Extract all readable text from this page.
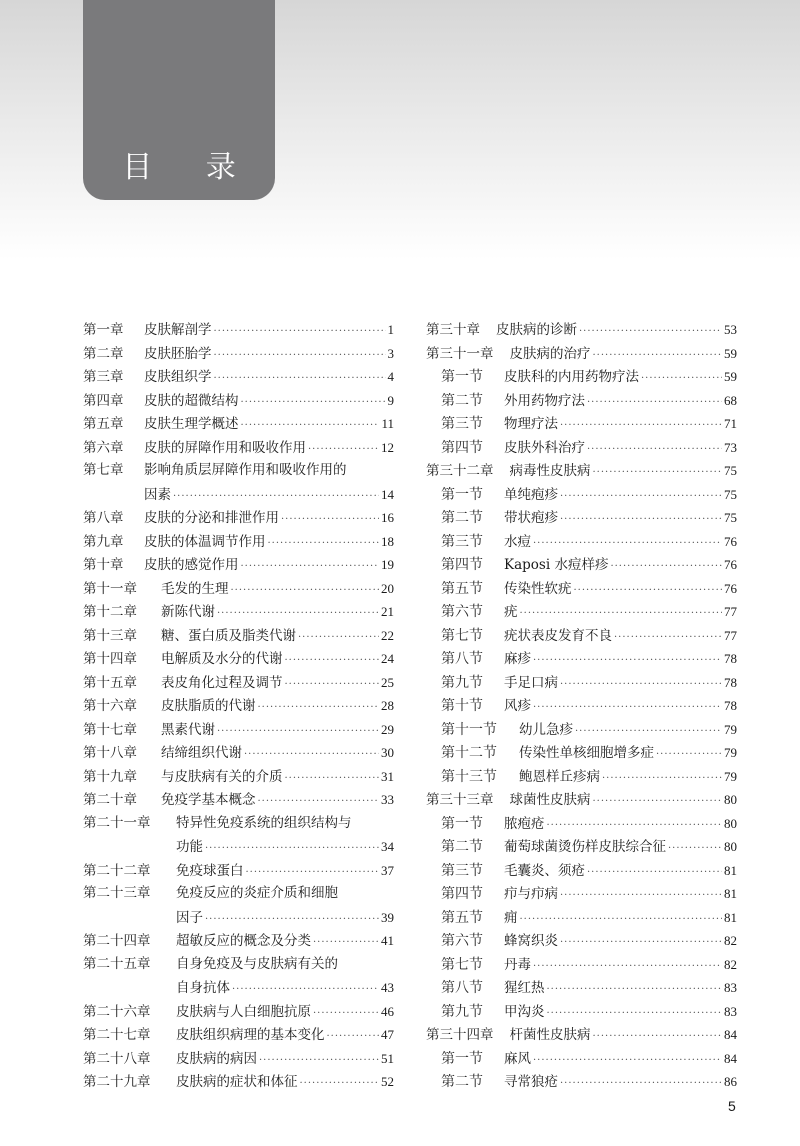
目 录
第一章	皮肤解剖学 ·····	1
第二章	皮肤胚胎学 ·····	3
第三章	皮肤组织学 ·····	4
第四章	皮肤的超微结构 ·····	9
第五章	皮肤生理学概述 ·····	11
第六章	皮肤的屏障作用和吸收作用 ·····	12
第七章	影响角质层屏障作用和吸收作用的
因素 ·····	14
第八章	皮肤的分泌和排泄作用 ·····	16
第九章	皮肤的体温调节作用 ·····	18
第十章	皮肤的感觉作用 ·····	19
第十一章	毛发的生理 ·····	20
第十二章	新陈代谢 ·····	21
第十三章	糖、蛋白质及脂类代谢 ·····	22
第十四章	电解质及水分的代谢 ·····	24
第十五章	表皮角化过程及调节 ·····	25
第十六章	皮肤脂质的代谢 ·····	28
第十七章	黑素代谢 ·····	29
第十八章	结缔组织代谢 ·····	30
第十九章	与皮肤病有关的介质 ·····	31
第二十章	免疫学基本概念 ·····	33
第二十一章	特异性免疫系统的组织结构与
功能 ·····	34
第二十二章	免疫球蛋白 ·····	37
第二十三章	免疫反应的炎症介质和细胞
因子 ·····	39
第二十四章	超敏反应的概念及分类 ·····	41
第二十五章	自身免疫及与皮肤病有关的
自身抗体 ·····	43
第二十六章	皮肤病与人白细胞抗原 ·····	46
第二十七章	皮肤组织病理的基本变化 ·····	47
第二十八章	皮肤病的病因 ·····	51
第二十九章	皮肤病的症状和体征 ·····	52
第三十章 皮肤病的诊断 ·····	53
第三十一章 皮肤病的治疗 ·····	59
第一节	皮肤科的内用药物疗法 ·····	59
第二节	外用药物疗法 ·····	68
第三节	物理疗法 ·····	71
第四节	皮肤外科治疗 ·····	73
第三十二章 病毒性皮肤病 ·····	75
第一节	单纯疱疹 ·····	75
第二节	带状疱疹 ·····	75
第三节	水痘 ·····	76
第四节	Kaposi 水痘样疹 ·····	76
第五节	传染性软疣 ·····	76
第六节	疣 ·····	77
第七节	疣状表皮发育不良 ·····	77
第八节	麻疹 ·····	78
第九节	手足口病 ·····	78
第十节	风疹 ·····	78
第十一节	幼儿急疹 ·····	79
第十二节	传染性单核细胞增多症 ·····	79
第十三节	鲍恩样丘疹病 ·····	79
第三十三章 球菌性皮肤病 ·····	80
第一节	脓疱疮 ·····	80
第二节	葡萄球菌烫伤样皮肤综合征 ·····	80
第三节	毛囊炎、须疮 ·····	81
第四节	疖与疖病 ·····	81
第五节	痈 ·····	81
第六节	蜂窝织炎 ·····	82
第七节	丹毒 ·····	82
第八节	猩红热 ·····	83
第九节	甲沟炎 ·····	83
第三十四章 杆菌性皮肤病 ·····	84
第一节	麻风 ·····	84
第二节	寻常狼疮 ·····	86
5
